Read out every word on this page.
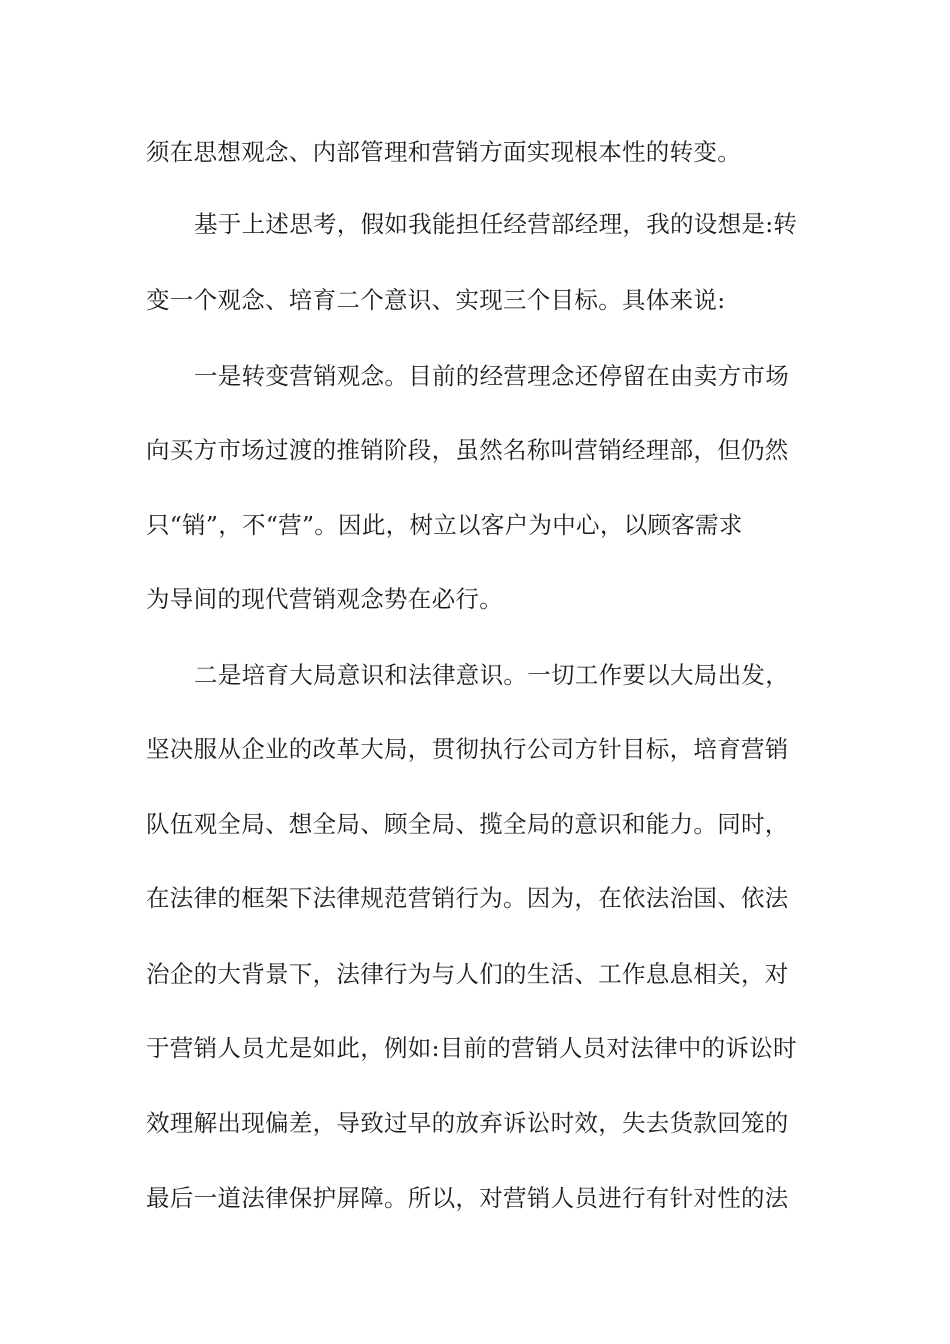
须在思想观念、内部管理和营销方面实现根本性的转变。
基于上述思考，假如我能担任经营部经理，我的设想是:转
变一个观念、培育二个意识、实现三个目标。具体来说:
一是转变营销观念。目前的经营理念还停留在由卖方市场
向买方市场过渡的推销阶段，虽然名称叫营销经理部，但仍然
只“销”，不“营”。因此，树立以客户为中心，以顾客需求
为导间的现代营销观念势在必行。
二是培育大局意识和法律意识。一切工作要以大局出发，
坚决服从企业的改革大局，贯彻执行公司方针目标，培育营销
队伍观全局、想全局、顾全局、揽全局的意识和能力。同时，
在法律的框架下法律规范营销行为。因为，在依法治国、依法
治企的大背景下，法律行为与人们的生活、工作息息相关，对
于营销人员尤是如此，例如:目前的营销人员对法律中的诉讼时
效理解出现偏差，导致过早的放弃诉讼时效，失去货款回笼的
最后一道法律保护屏障。所以，对营销人员进行有针对性的法
